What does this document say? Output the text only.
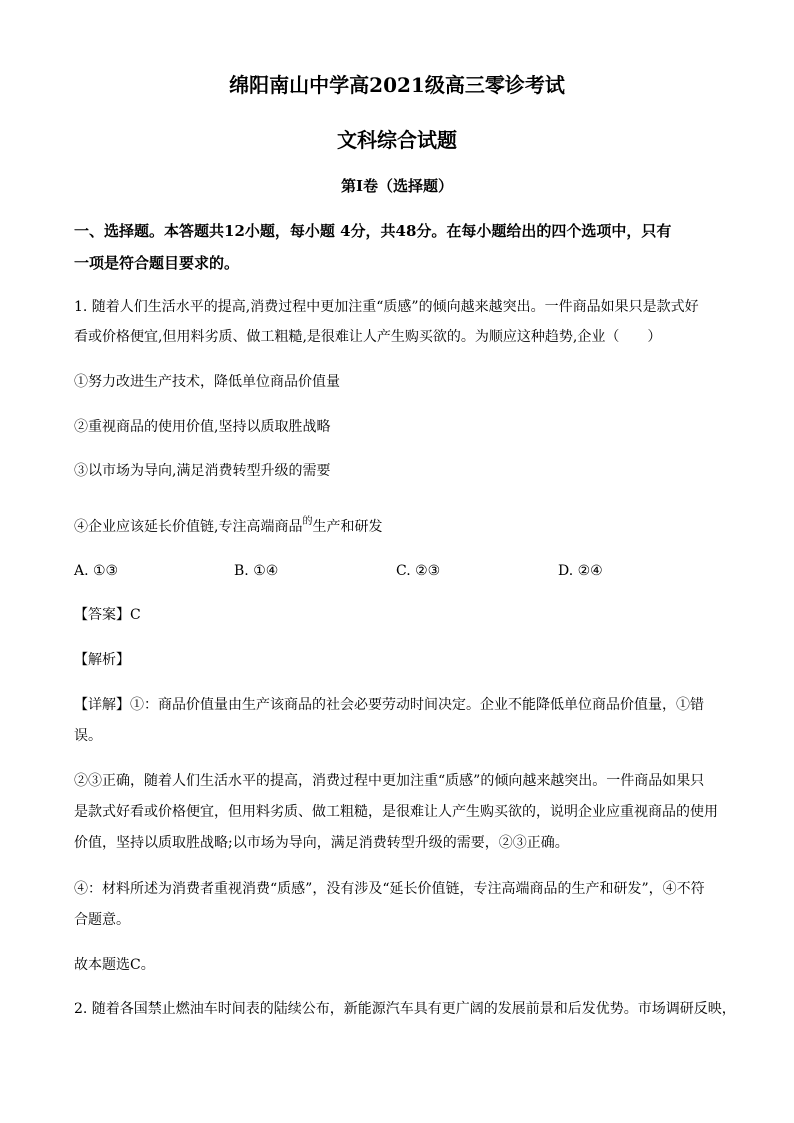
绵阳南山中学高2021级高三零诊考试
文科综合试题
第Ⅰ卷（选择题）
一、选择题。本答题共12小题，每小题 4分，共48分。在每小题给出的四个选项中，只有
一项是符合题目要求的。
1. 随着人们生活水平的提高,消费过程中更加注重“质感”的倾向越来越突出。一件商品如果只是款式好
看或价格便宜,但用料劣质、做工粗糙,是很难让人产生购买欲的。为顺应这种趋势,企业（　　）
①努力改进生产技术，降低单位商品价值量
②重视商品的使用价值,坚持以质取胜战略
③以市场为导向,满足消费转型升级的需要
④企业应该延长价值链,专注高端商品$^的$生产和研发
A. ①③	B. ①④	C. ②③	D. ②④
【答案】C
【解析】
【详解】①：商品价值量由生产该商品的社会必要劳动时间决定。企业不能降低单位商品价值量，①错
误。
②③正确，随着人们生活水平的提高，消费过程中更加注重“质感”的倾向越来越突出。一件商品如果只
是款式好看或价格便宜，但用料劣质、做工粗糙，是很难让人产生购买欲的，说明企业应重视商品的使用
价值，坚持以质取胜战略;以市场为导向，满足消费转型升级的需要，②③正确。
④：材料所述为消费者重视消费“质感”，没有涉及“延长价值链，专注高端商品的生产和研发”，④不符
合题意。
故本题选C。
2. 随着各国禁止燃油车时间表的陆续公布，新能源汽车具有更广阔的发展前景和后发优势。市场调研反映，
